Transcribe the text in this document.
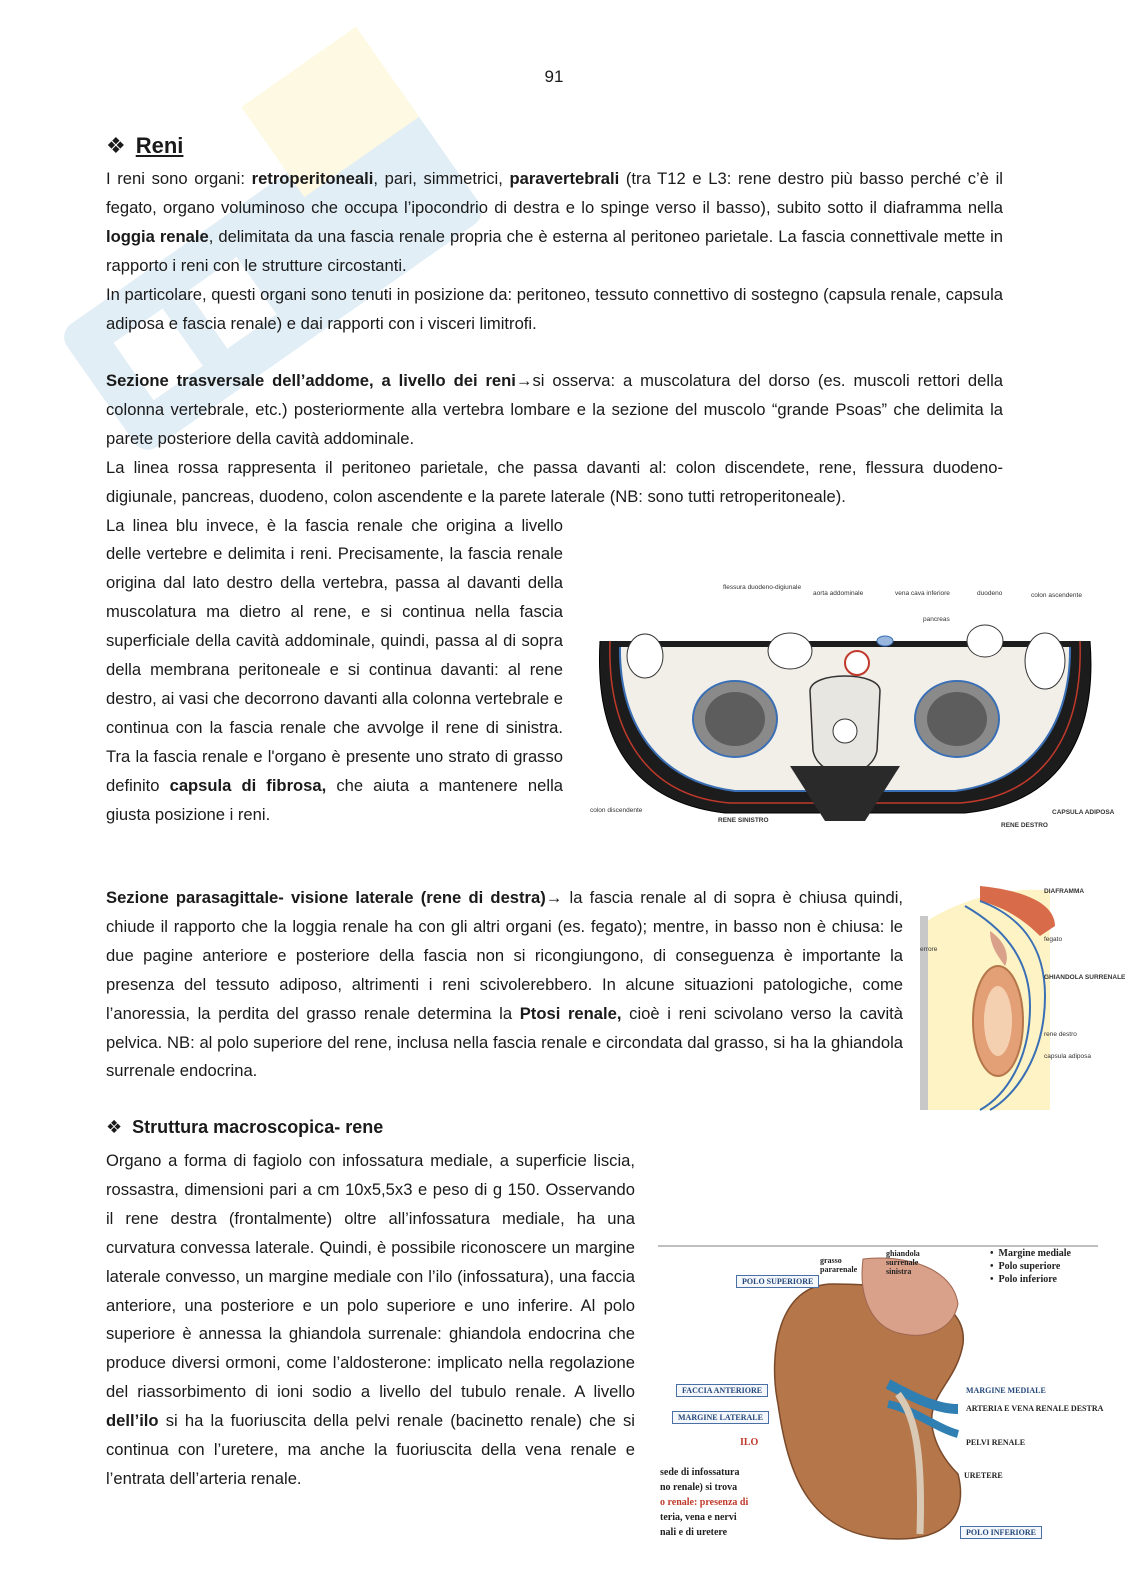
91
❖ Reni

I reni sono organi: retroperitoneali, pari, simmetrici, paravertebrali (tra T12 e L3: rene destro più basso perché c’è il fegato, organo voluminoso che occupa l’ipocondrio di destra e lo spinge verso il basso), subito sotto il diaframma nella loggia renale, delimitata da una fascia renale propria che è esterna al peritoneo parietale. La fascia connettivale mette in rapporto i reni con le strutture circostanti.

In particolare, questi organi sono tenuti in posizione da: peritoneo, tessuto connettivo di sostegno (capsula renale, capsula adiposa e fascia renale) e dai rapporti con i visceri limitrofi.

Sezione trasversale dell’addome, a livello dei reni→si osserva: a muscolatura del dorso (es. muscoli rettori della colonna vertebrale, etc.) posteriormente alla vertebra lombare e la sezione del muscolo “grande Psoas” che delimita la parete posteriore della cavità addominale.

La linea rossa rappresenta il peritoneo parietale, che passa davanti al: colon discendete, rene, flessura duodeno-digiunale, pancreas, duodeno, colon ascendente e la parete laterale (NB: sono tutti retroperitoneale).

La linea blu invece, è la fascia renale che origina a livello delle vertebre e delimita i reni. Precisamente, la fascia renale origina dal lato destro della vertebra, passa al davanti della muscolatura ma dietro al rene, e si continua nella fascia superficiale della cavità addominale, quindi, passa al di sopra della membrana peritoneale e si continua davanti: al rene destro, ai vasi che decorrono davanti alla colonna vertebrale e continua con la fascia renale che avvolge il rene di sinistra. Tra la fascia renale e l'organo è presente uno strato di grasso definito capsula di fibrosa, che aiuta a mantenere nella giusta posizione i reni.

flessura duodeno-digiunale
aorta addominale	vena cava inferiore	duodeno	colon ascendente
pancreas
colon discendente
RENE SINISTRO
RENE DESTRO
CAPSULA ADIPOSA

Sezione parasagittale- visione laterale (rene di destra)→ la fascia renale al di sopra è chiusa quindi, chiude il rapporto che la loggia renale ha con gli altri organi (es. fegato); mentre, in basso non è chiusa: le due pagine anteriore e posteriore della fascia non si ricongiungono, di conseguenza è importante la presenza del tessuto adiposo, altrimenti i reni scivolerebbero. In alcune situazioni patologiche, come l’anoressia, la perdita del grasso renale determina la Ptosi renale, cioè i reni scivolano verso la cavità pelvica. NB: al polo superiore del rene, inclusa nella fascia renale e circondata dal grasso, si ha la ghiandola surrenale endocrina.

DIAFRAMMA
fegato
GHIANDOLA SURRENALE
rene destro
capsula adiposa
errore
❖ Struttura macroscopica- rene

Organo a forma di fagiolo con infossatura mediale, a superficie liscia, rossastra, dimensioni pari a cm 10x5,5x3 e peso di g 150. Osservando il rene destra (frontalmente) oltre all’infossatura mediale, ha una curvatura convessa laterale. Quindi, è possibile riconoscere un margine laterale convesso, un margine mediale con l’ilo (infossatura), una faccia anteriore, una posteriore e un polo superiore e uno inferire. Al polo superiore è annessa la ghiandola surrenale: ghiandola endocrina che produce diversi ormoni, come l’aldosterone: implicato nella regolazione del riassorbimento di ioni sodio a livello del tubulo renale. A livello dell’ilo si ha la fuoriuscita della pelvi renale (bacinetto renale) che si continua con l’uretere, ma anche la fuoriuscita della vena renale e l’entrata dell’arteria renale.

•  Margine mediale
•  Polo superiore
•  Polo inferiore
grasso pararenale
ghiandola surrenale sinistra
POLO SUPERIORE
FACCIA ANTERIORE
MARGINE LATERALE
ILO
MARGINE MEDIALE
ARTERIA E VENA RENALE DESTRA
PELVI RENALE
URETERE
POLO INFERIORE
sede di infossatura
no renale) si trova
o renale: presenza di
teria, vena e nervi
nali e di uretere
